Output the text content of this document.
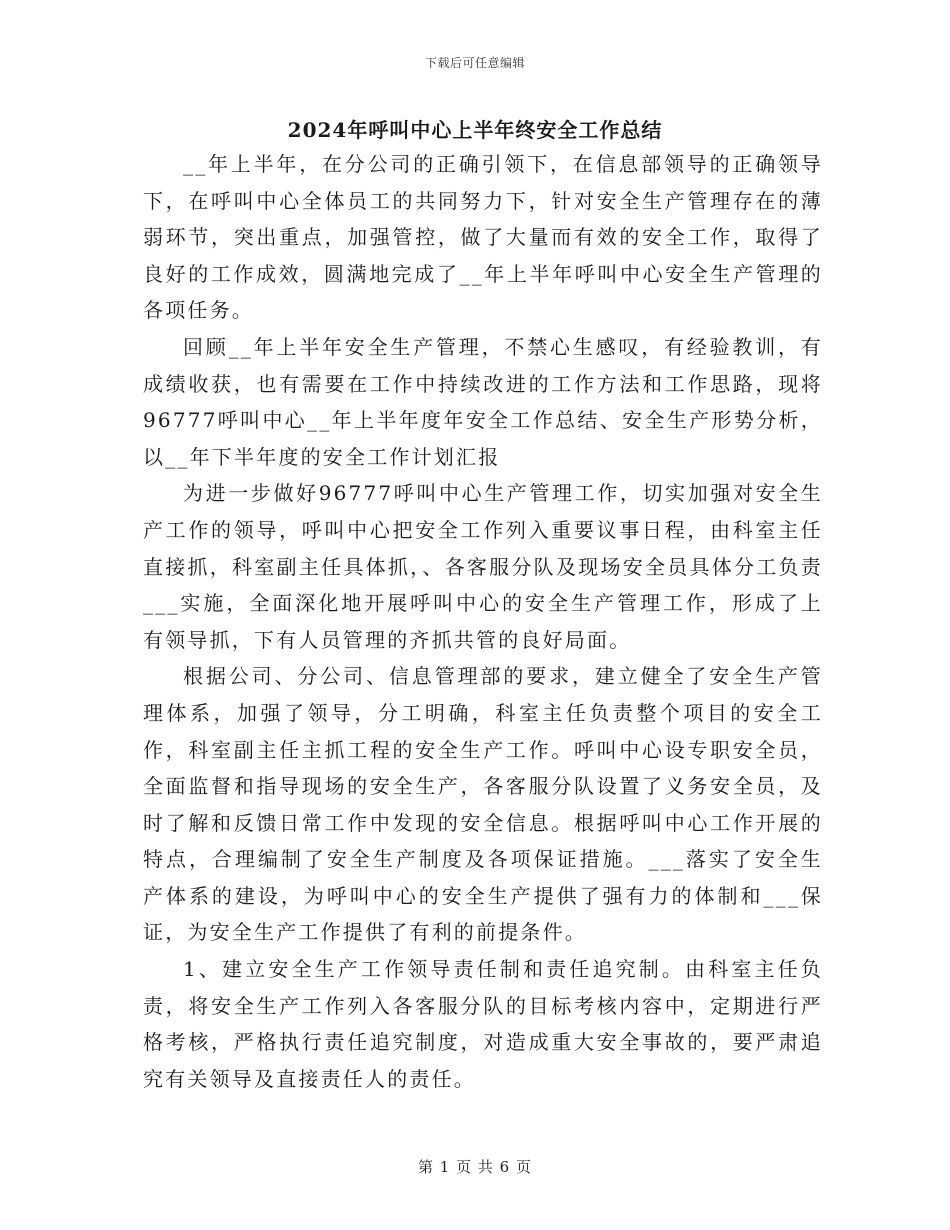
下载后可任意编辑
2024年呼叫中心上半年终安全工作总结

__年上半年，在分公司的正确引领下，在信息部领导的正确领导下，在呼叫中心全体员工的共同努力下，针对安全生产管理存在的薄弱环节，突出重点，加强管控，做了大量而有效的安全工作，取得了良好的工作成效，圆满地完成了__年上半年呼叫中心安全生产管理的各项任务。

回顾__年上半年安全生产管理，不禁心生感叹，有经验教训，有成绩收获，也有需要在工作中持续改进的工作方法和工作思路，现将96777呼叫中心__年上半年度年安全工作总结、安全生产形势分析，以__年下半年度的安全工作计划汇报

为进一步做好96777呼叫中心生产管理工作，切实加强对安全生产工作的领导，呼叫中心把安全工作列入重要议事日程，由科室主任直接抓，科室副主任具体抓，、各客服分队及现场安全员具体分工负责___实施，全面深化地开展呼叫中心的安全生产管理工作，形成了上有领导抓，下有人员管理的齐抓共管的良好局面。

根据公司、分公司、信息管理部的要求，建立健全了安全生产管理体系，加强了领导，分工明确，科室主任负责整个项目的安全工作，科室副主任主抓工程的安全生产工作。呼叫中心设专职安全员，全面监督和指导现场的安全生产，各客服分队设置了义务安全员，及时了解和反馈日常工作中发现的安全信息。根据呼叫中心工作开展的特点，合理编制了安全生产制度及各项保证措施。___落实了安全生产体系的建设，为呼叫中心的安全生产提供了强有力的体制和___保证，为安全生产工作提供了有利的前提条件。

1、建立安全生产工作领导责任制和责任追究制。由科室主任负责，将安全生产工作列入各客服分队的目标考核内容中，定期进行严格考核，严格执行责任追究制度，对造成重大安全事故的，要严肃追究有关领导及直接责任人的责任。

第 1 页 共 6 页
